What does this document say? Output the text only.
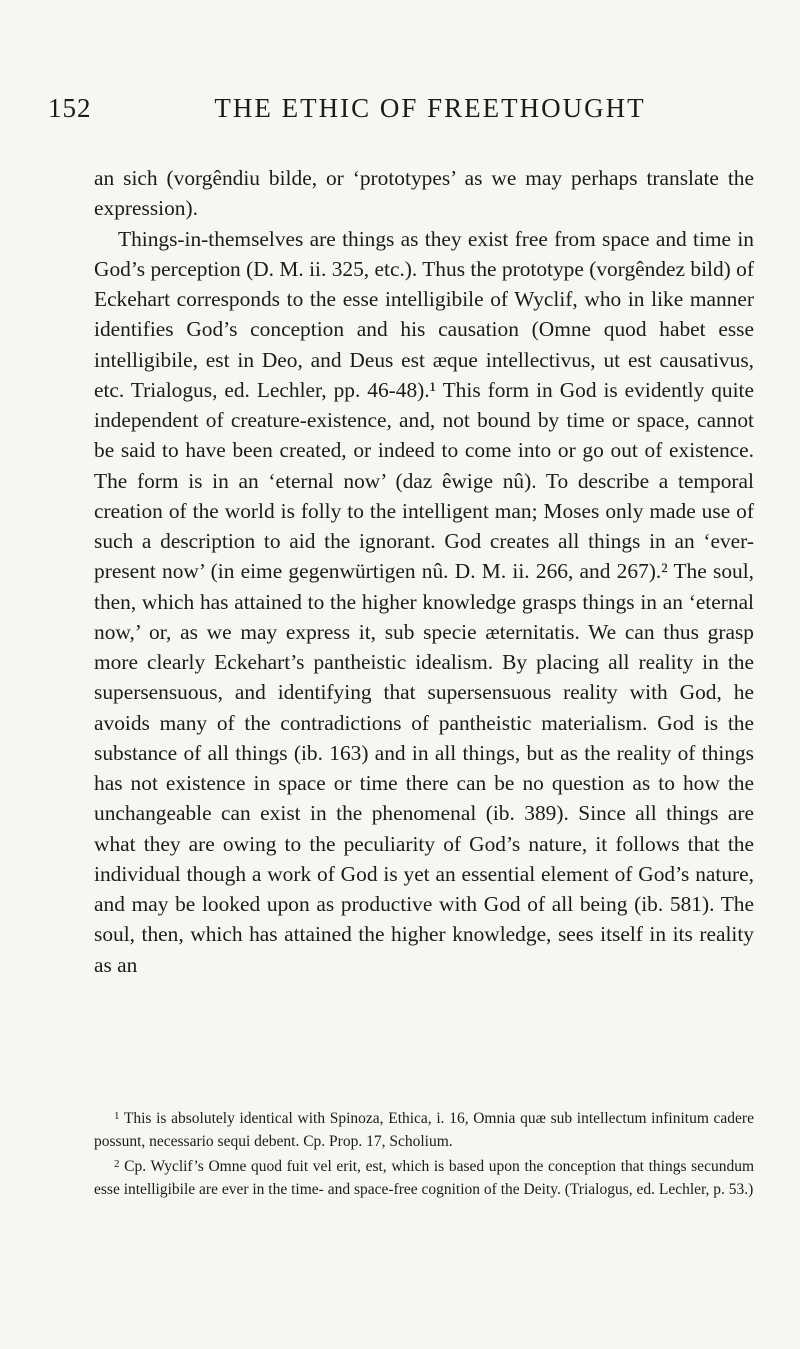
152	THE ETHIC OF FREETHOUGHT

an sich (vorgêndiu bilde, or ‘prototypes’ as we may perhaps translate the expression).

Things-in-themselves are things as they exist free from space and time in God’s perception (D. M. ii. 325, etc.). Thus the prototype (vorgêndez bild) of Eckehart corresponds to the esse intelligibile of Wyclif, who in like manner identifies God’s conception and his causation (Omne quod habet esse intelligibile, est in Deo, and Deus est æque intellectivus, ut est causativus, etc. Trialogus, ed. Lechler, pp. 46-48).¹ This form in God is evidently quite independent of creature-existence, and, not bound by time or space, cannot be said to have been created, or indeed to come into or go out of existence. The form is in an ‘eternal now’ (daz êwige nû). To describe a temporal creation of the world is folly to the intelligent man; Moses only made use of such a description to aid the ignorant. God creates all things in an ‘ever-present now’ (in eime gegenwürtigen nû. D. M. ii. 266, and 267).² The soul, then, which has attained to the higher knowledge grasps things in an ‘eternal now,’ or, as we may express it, sub specie æternitatis. We can thus grasp more clearly Eckehart’s pantheistic idealism. By placing all reality in the supersensuous, and identifying that supersensuous reality with God, he avoids many of the contradictions of pantheistic materialism. God is the substance of all things (ib. 163) and in all things, but as the reality of things has not existence in space or time there can be no question as to how the unchangeable can exist in the phenomenal (ib. 389). Since all things are what they are owing to the peculiarity of God’s nature, it follows that the individual though a work of God is yet an essential element of God’s nature, and may be looked upon as productive with God of all being (ib. 581). The soul, then, which has attained the higher knowledge, sees itself in its reality as an

$^1$ This is absolutely identical with Spinoza, Ethica, i. 16, Omnia quæ sub intellectum infinitum cadere possunt, necessario sequi debent. Cp. Prop. 17, Scholium.

$^2$ Cp. Wyclif’s Omne quod fuit vel erit, est, which is based upon the conception that things secundum esse intelligibile are ever in the time- and space-free cognition of the Deity. (Trialogus, ed. Lechler, p. 53.)
